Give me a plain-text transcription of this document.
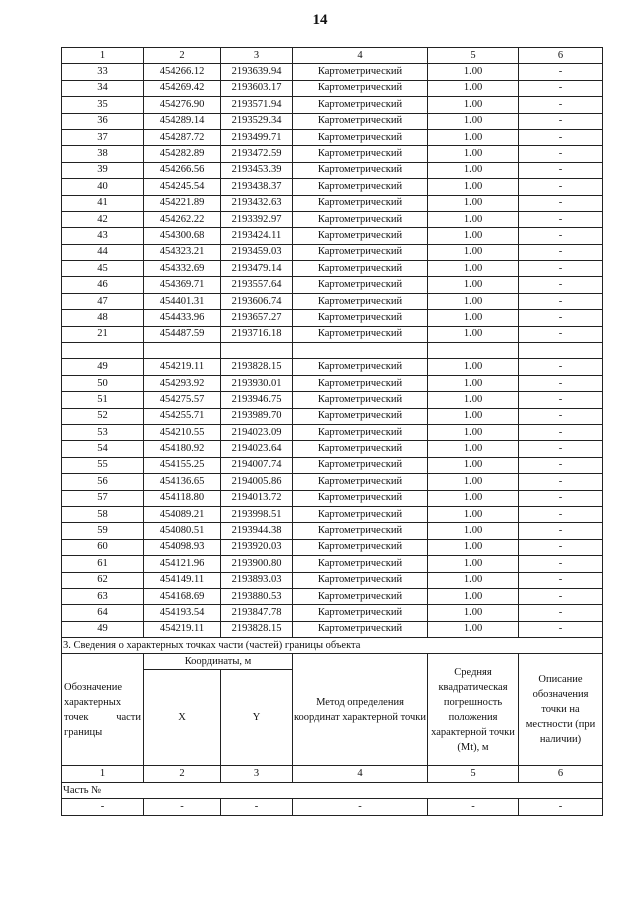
14
1	2	3	4	5	6
33	454266.12	2193639.94	Картометрический	1.00	-
34	454269.42	2193603.17	Картометрический	1.00	-
35	454276.90	2193571.94	Картометрический	1.00	-
36	454289.14	2193529.34	Картометрический	1.00	-
37	454287.72	2193499.71	Картометрический	1.00	-
38	454282.89	2193472.59	Картометрический	1.00	-
39	454266.56	2193453.39	Картометрический	1.00	-
40	454245.54	2193438.37	Картометрический	1.00	-
41	454221.89	2193432.63	Картометрический	1.00	-
42	454262.22	2193392.97	Картометрический	1.00	-
43	454300.68	2193424.11	Картометрический	1.00	-
44	454323.21	2193459.03	Картометрический	1.00	-
45	454332.69	2193479.14	Картометрический	1.00	-
46	454369.71	2193557.64	Картометрический	1.00	-
47	454401.31	2193606.74	Картометрический	1.00	-
48	454433.96	2193657.27	Картометрический	1.00	-
21	454487.59	2193716.18	Картометрический	1.00	-

49	454219.11	2193828.15	Картометрический	1.00	-
50	454293.92	2193930.01	Картометрический	1.00	-
51	454275.57	2193946.75	Картометрический	1.00	-
52	454255.71	2193989.70	Картометрический	1.00	-
53	454210.55	2194023.09	Картометрический	1.00	-
54	454180.92	2194023.64	Картометрический	1.00	-
55	454155.25	2194007.74	Картометрический	1.00	-
56	454136.65	2194005.86	Картометрический	1.00	-
57	454118.80	2194013.72	Картометрический	1.00	-
58	454089.21	2193998.51	Картометрический	1.00	-
59	454080.51	2193944.38	Картометрический	1.00	-
60	454098.93	2193920.03	Картометрический	1.00	-
61	454121.96	2193900.80	Картометрический	1.00	-
62	454149.11	2193893.03	Картометрический	1.00	-
63	454168.69	2193880.53	Картометрический	1.00	-
64	454193.54	2193847.78	Картометрический	1.00	-
49	454219.11	2193828.15	Картометрический	1.00	-
3. Сведения о характерных точках части (частей) границы объекта					
Обозначение характерных точек части границы	Координаты, м		Метод определения координат характерной точки	Средняя квадратическая погрешность положения характерной точки (Mt), м	Описание обозначения точки на местности (при наличии)
	X	Y			
1	2	3	4	5	6
Часть №					
-	-	-	-	-	-
